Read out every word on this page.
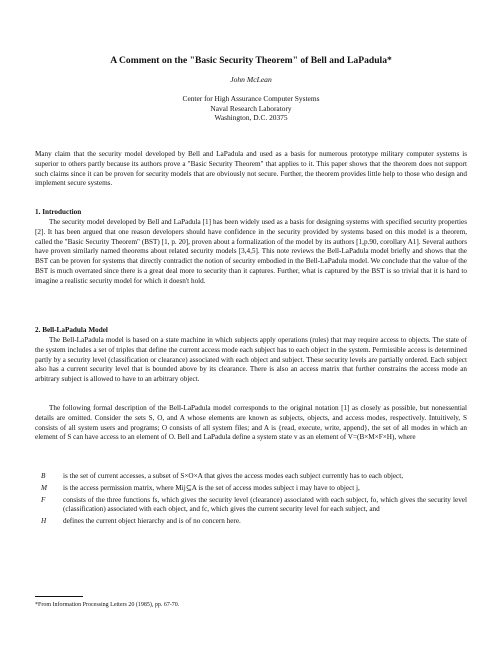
A Comment on the "Basic Security Theorem" of Bell and LaPadula*
John McLean
Center for High Assurance Computer Systems
Naval Research Laboratory
Washington, D.C. 20375
Many claim that the security model developed by Bell and LaPadula and used as a basis for numerous prototype military computer systems is superior to others partly because its authors prove a "Basic Security Theorem" that applies to it. This paper shows that the theorem does not support such claims since it can be proven for security models that are obviously not secure. Further, the theorem provides little help to those who design and implement secure systems.
1. Introduction
The security model developed by Bell and LaPadula [1] has been widely used as a basis for designing systems with specified security properties [2]. It has been argued that one reason developers should have confidence in the security provided by systems based on this model is a theorem, called the "Basic Security Theorem" (BST) [1, p. 20], proven about a formalization of the model by its authors [1,p.90, corollary A1]. Several authors have proven similarly named theorems about related security models [3,4,5]. This note reviews the Bell-LaPadula model briefly and shows that the BST can be proven for systems that directly contradict the notion of security embodied in the Bell-LaPadula model. We conclude that the value of the BST is much overrated since there is a great deal more to security than it captures. Further, what is captured by the BST is so trivial that it is hard to imagine a realistic security model for which it doesn't hold.
2. Bell-LaPadula Model
The Bell-LaPadula model is based on a state machine in which subjects apply operations (rules) that may require access to objects. The state of the system includes a set of triples that define the current access mode each subject has to each object in the system. Permissible access is determined partly by a security level (classification or clearance) associated with each object and subject. These security levels are partially ordered. Each subject also has a current security level that is bounded above by its clearance. There is also an access matrix that further constrains the access mode an arbitrary subject is allowed to have to an arbitrary object.
The following formal description of the Bell-LaPadula model corresponds to the original notation [1] as closely as possible, but nonessential details are omitted. Consider the sets S, O, and A whose elements are known as subjects, objects, and access modes, respectively. Intuitively, S consists of all system users and programs; O consists of all system files; and A is {read, execute, write, append}, the set of all modes in which an element of S can have access to an element of O. Bell and LaPadula define a system state v as an element of V=(B×M×F×H), where
B	is the set of current accesses, a subset of S×O×A that gives the access modes each subject currently has to each object,
M	is the access permission matrix, where Mij⊆A is the set of access modes subject i may have to object j,
F	consists of the three functions fs, which gives the security level (clearance) associated with each subject, fo, which gives the security level (classification) associated with each object, and fc, which gives the current security level for each subject, and
H	defines the current object hierarchy and is of no concern here.
*From Information Processing Letters 20 (1985), pp. 67-70.
